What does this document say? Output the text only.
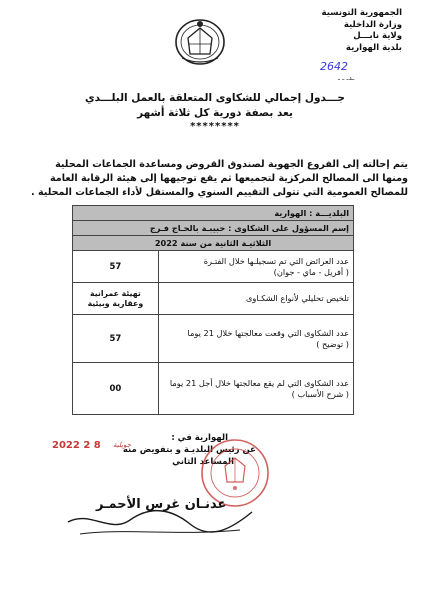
الجمهورية التونسية
وزارة الداخلية
ولاية نابـــل
بلدية الهوارية
2642
ـدـ ـ ـ
جـــدول إجمالي للشكاوى المتعلقة بالعمل البلـــدي
يعد بصفة دورية كل ثلاثة أشهر
********

يتم إحالته إلى الفروع الجهوية لصندوق القروض ومساعدة الجماعات المحلية

ومنها الى المصالح المركزية لتجميعها ثم يقع توجيهها إلى هيئة الرقابة العامة

للمصالح العمومية التي تتولى التقييم السنوي والمستقل لأداء الجماعات المحلية .

البلديـــة : الهوارية	
إسم المسؤول على الشكاوى : حبيبـة بالحـاج فـرج	
الثلاثيـة الثانية من سنة 2022	

عدد العرائض التي تم تسجيلـها خلال الفتـرة
( أفريل - ماي - جوان)	57

تلخيص تحليلي لأنواع الشكـاوى	تهيئة عمرانية وعقارية وبيئية

عدد الشكاوى التي وقعت معالجتها خلال 21 يوما
( توضيح )	57

عدد الشكاوى التي لم يقع معالجتها خلال أجل 21 يوما
( شرح الأسباب )	00
2022 2 8 جويلية
الهوارية في :
عن رئيس البلديـة و بتفويض منه
المساعد الثاني
عدنـان غرس الأحمـر
